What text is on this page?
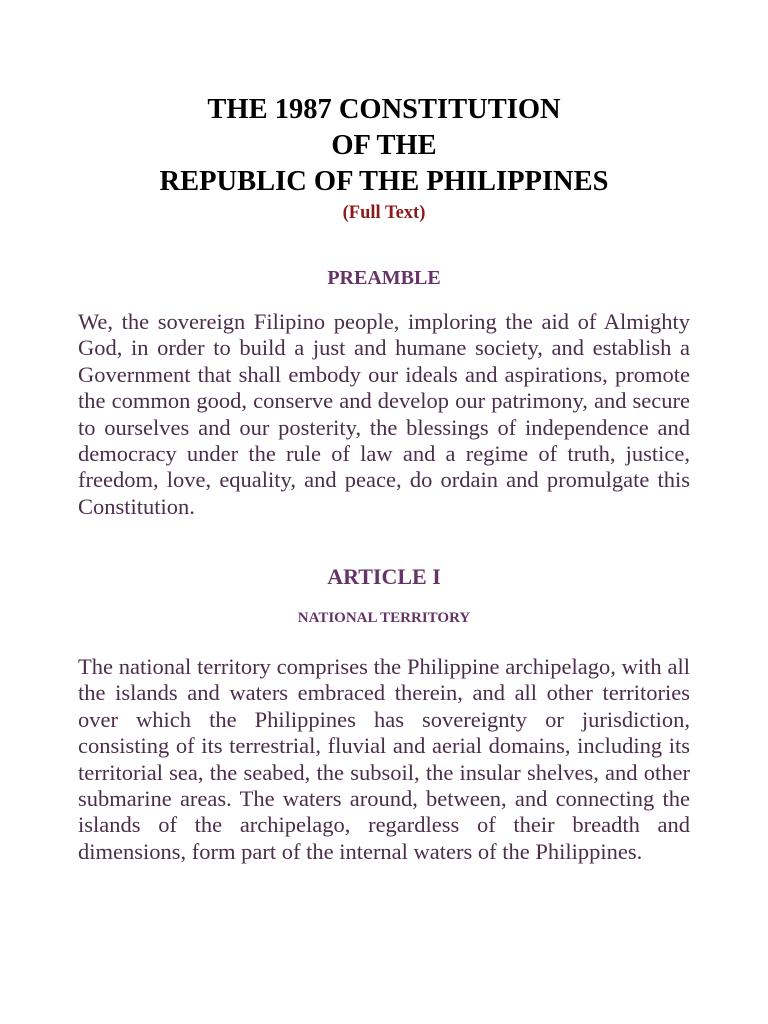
THE 1987 CONSTITUTION
OF THE
REPUBLIC OF THE PHILIPPINES
(Full Text)
PREAMBLE

We, the sovereign Filipino people, imploring the aid of Almighty God, in order to build a just and humane society, and establish a Government that shall embody our ideals and aspirations, promote the common good, conserve and develop our patrimony, and secure to ourselves and our posterity, the blessings of independence and democracy under the rule of law and a regime of truth, justice, freedom, love, equality, and peace, do ordain and promulgate this Constitution.

ARTICLE I
NATIONAL TERRITORY

The national territory comprises the Philippine archipelago, with all the islands and waters embraced therein, and all other territories over which the Philippines has sovereignty or jurisdiction, consisting of its terrestrial, fluvial and aerial domains, including its territorial sea, the seabed, the subsoil, the insular shelves, and other submarine areas. The waters around, between, and connecting the islands of the archipelago, regardless of their breadth and dimensions, form part of the internal waters of the Philippines.
